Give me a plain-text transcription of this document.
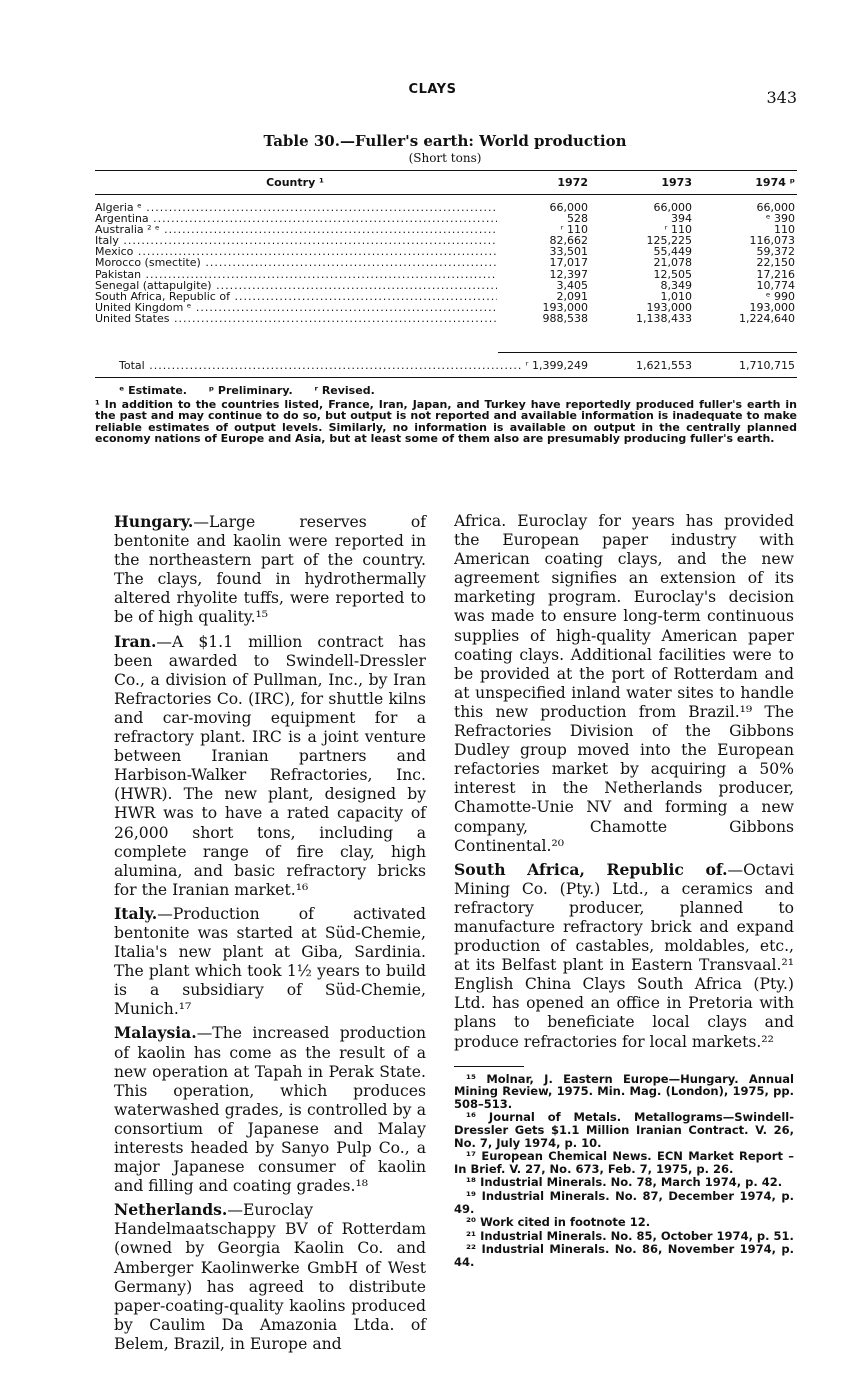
CLAYS	343
Table 30.—Fuller's earth: World production
(Short tons)
Country ¹	1972	1973	1974 ᵖ
Algeria ᵉ .....	66,000	66,000	66,000
Argentina .....	528	394	ᵉ 390
Australia ² ᵉ .....	ʳ 110	ʳ 110	110
Italy .....	82,662	125,225	116,073
Mexico .....	33,501	55,449	59,372
Morocco (smectite) .....	17,017	21,078	22,150
Pakistan .....	12,397	12,505	17,216
Senegal (attapulgite) .....	3,405	8,349	10,774
South Africa, Republic of .....	2,091	1,010	ᵉ 990
United Kingdom ᵉ .....	193,000	193,000	193,000
United States .....	988,538	1,138,433	1,224,640
Total .....	ʳ 1,399,249	1,621,553	1,710,715
ᵉ Estimate. ᵖ Preliminary. ʳ Revised.

¹ In addition to the countries listed, France, Iran, Japan, and Turkey have reportedly produced fuller's earth in the past and may continue to do so, but output is not reported and available information is inadequate to make reliable estimates of output levels. Similarly, no information is available on output in the centrally planned economy nations of Europe and Asia, but at least some of them also are presumably producing fuller's earth.

Hungary.—Large reserves of bentonite and kaolin were reported in the northeastern part of the country. The clays, found in hydrothermally altered rhyolite tuffs, were reported to be of high quality.¹⁵

Iran.—A $1.1 million contract has been awarded to Swindell-Dressler Co., a division of Pullman, Inc., by Iran Refractories Co. (IRC), for shuttle kilns and car-moving equipment for a refractory plant. IRC is a joint venture between Iranian partners and Harbison-Walker Refractories, Inc. (HWR). The new plant, designed by HWR was to have a rated capacity of 26,000 short tons, including a complete range of fire clay, high alumina, and basic refractory bricks for the Iranian market.¹⁶

Italy.—Production of activated bentonite was started at Süd-Chemie, Italia's new plant at Giba, Sardinia. The plant which took 1½ years to build is a subsidiary of Süd-Chemie, Munich.¹⁷

Malaysia.—The increased production of kaolin has come as the result of a new operation at Tapah in Perak State. This operation, which produces waterwashed grades, is controlled by a consortium of Japanese and Malay interests headed by Sanyo Pulp Co., a major Japanese consumer of kaolin and filling and coating grades.¹⁸

Netherlands.—Euroclay Handelmaatschappy BV of Rotterdam (owned by Georgia Kaolin Co. and Amberger Kaolinwerke GmbH of West Germany) has agreed to distribute paper-coating-quality kaolins produced by Caulim Da Amazonia Ltda. of Belem, Brazil, in Europe and

Africa. Euroclay for years has provided the European paper industry with American coating clays, and the new agreement signifies an extension of its marketing program. Euroclay's decision was made to ensure long-term continuous supplies of high-quality American paper coating clays. Additional facilities were to be provided at the port of Rotterdam and at unspecified inland water sites to handle this new production from Brazil.¹⁹ The Refractories Division of the Gibbons Dudley group moved into the European refactories market by acquiring a 50% interest in the Netherlands producer, Chamotte-Unie NV and forming a new company, Chamotte Gibbons Continental.²⁰

South Africa, Republic of.—Octavi Mining Co. (Pty.) Ltd., a ceramics and refractory producer, planned to manufacture refractory brick and expand production of castables, moldables, etc., at its Belfast plant in Eastern Transvaal.²¹ English China Clays South Africa (Pty.) Ltd. has opened an office in Pretoria with plans to beneficiate local clays and produce refractories for local markets.²²

¹⁵ Molnar, J. Eastern Europe—Hungary. Annual Mining Review, 1975. Min. Mag. (London), 1975, pp. 508–513.
¹⁶ Journal of Metals. Metallograms—Swindell-Dressler Gets $1.1 Million Iranian Contract. V. 26, No. 7, July 1974, p. 10.
¹⁷ European Chemical News. ECN Market Report –In Brief. V. 27, No. 673, Feb. 7, 1975, p. 26.
¹⁸ Industrial Minerals. No. 78, March 1974, p. 42.
¹⁹ Industrial Minerals. No. 87, December 1974, p. 49.
²⁰ Work cited in footnote 12.
²¹ Industrial Minerals. No. 85, October 1974, p. 51.
²² Industrial Minerals. No. 86, November 1974, p. 44.
